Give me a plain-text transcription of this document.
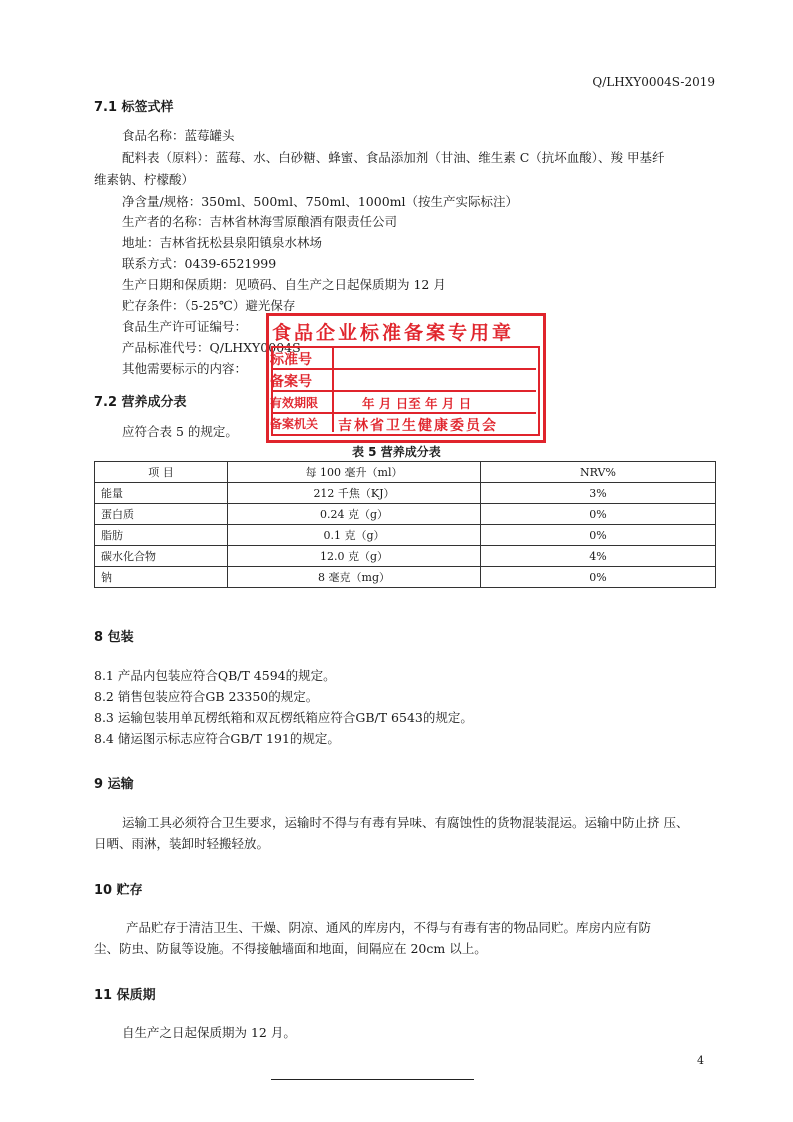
Q/LHXY0004S-2019
7.1 标签式样
食品名称：蓝莓罐头
配料表（原料）：蓝莓、水、白砂糖、蜂蜜、食品添加剂（甘油、维生素 C（抗坏血酸）、羧 甲基纤
维素钠、柠檬酸）
净含量/规格：350ml、500ml、750ml、1000ml（按生产实际标注）
生产者的名称：吉林省林海雪原酿酒有限责任公司
地址：吉林省抚松县泉阳镇泉水林场
联系方式：0439-6521999
生产日期和保质期：见喷码、自生产之日起保质期为 12 月
贮存条件：（5-25℃）避光保存
食品生产许可证编号：
产品标准代号：Q/LHXY0004S
其他需要标示的内容：
7.2 营养成分表
应符合表 5 的规定。
表 5 营养成分表
项 目	每 100 毫升（ml）	NRV%
能量	212 千焦（KJ）	3%
蛋白质	0.24 克（g）	0%
脂肪	0.1 克（g）	0%
碳水化合物	12.0 克（g）	4%
钠	8 毫克（mg）	0%
食品企业标准备案专用章
标准号
备案号
有效期限	年 月 日至 年 月 日
备案机关 吉林省卫生健康委员会
8 包装
8.1 产品内包装应符合QB/T 4594的规定。
8.2 销售包装应符合GB 23350的规定。
8.3 运输包装用单瓦楞纸箱和双瓦楞纸箱应符合GB/T 6543的规定。
8.4 储运图示标志应符合GB/T 191的规定。
9 运输
运输工具必须符合卫生要求，运输时不得与有毒有异味、有腐蚀性的货物混装混运。运输中防止挤 压、
日晒、雨淋，装卸时轻搬轻放。
10 贮存
产品贮存于清洁卫生、干燥、阴凉、通风的库房内，不得与有毒有害的物品同贮。库房内应有防
尘、防虫、防鼠等设施。不得接触墙面和地面，间隔应在 20cm 以上。
11 保质期
自生产之日起保质期为 12 月。
4
